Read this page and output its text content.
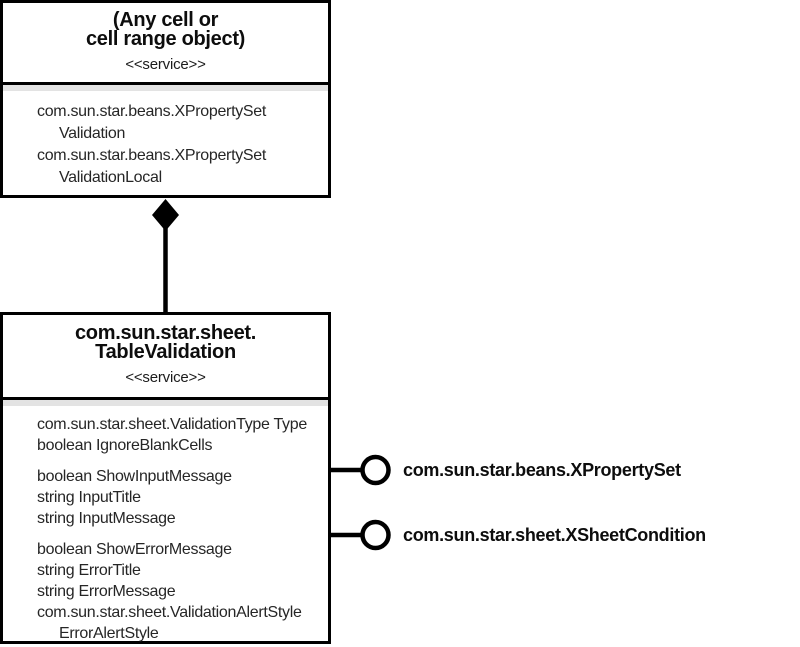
(Any cell or
cell range object)
<<service>>
com.sun.star.beans.XPropertySet
Validation
com.sun.star.beans.XPropertySet
ValidationLocal
com.sun.star.sheet.
TableValidation
<<service>>
com.sun.star.sheet.ValidationType Type
boolean IgnoreBlankCells
boolean ShowInputMessage
string InputTitle
string InputMessage
boolean ShowErrorMessage
string ErrorTitle
string ErrorMessage
com.sun.star.sheet.ValidationAlertStyle
ErrorAlertStyle
com.sun.star.beans.XPropertySet
com.sun.star.sheet.XSheetCondition
